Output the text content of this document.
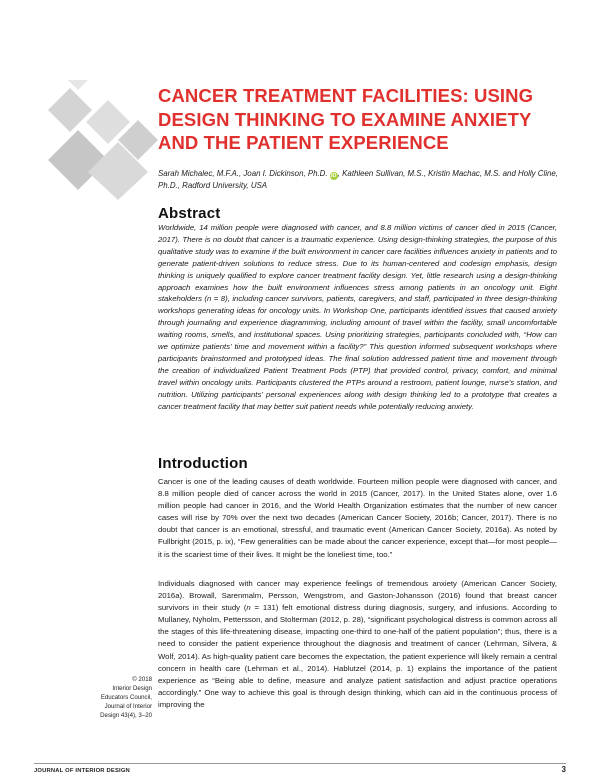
CANCER TREATMENT FACILITIES: USING
DESIGN THINKING TO EXAMINE ANXIETY
AND THE PATIENT EXPERIENCE
Sarah Michalec, M.F.A., Joan I. Dickinson, Ph.D. iD, Kathleen Sullivan, M.S., Kristin Machac, M.S. and Holly Cline, Ph.D., Radford University, USA
Abstract
Worldwide, 14 million people were diagnosed with cancer, and 8.8 million victims of cancer died in 2015 (Cancer, 2017). There is no doubt that cancer is a traumatic experience. Using design-thinking strategies, the purpose of this qualitative study was to examine if the built environment in cancer care facilities influences anxiety in patients and to generate patient-driven solutions to reduce stress. Due to its human-centered and codesign emphasis, design thinking is uniquely qualified to explore cancer treatment facility design. Yet, little research using a design-thinking approach examines how the built environment influences stress among patients in an oncology unit. Eight stakeholders (n = 8), including cancer survivors, patients, caregivers, and staff, participated in three design-thinking workshops generating ideas for oncology units. In Workshop One, participants identified issues that caused anxiety through journaling and experience diagramming, including amount of travel within the facility, small uncomfortable waiting rooms, smells, and institutional spaces. Using prioritizing strategies, participants concluded with, “How can we optimize patients’ time and movement within a facility?” This question informed subsequent workshops where participants brainstormed and prototyped ideas. The final solution addressed patient time and movement through the creation of individualized Patient Treatment Pods (PTP) that provided control, privacy, comfort, and minimal travel within oncology units. Participants clustered the PTPs around a restroom, patient lounge, nurse’s station, and nutrition. Utilizing participants’ personal experiences along with design thinking led to a prototype that creates a cancer treatment facility that may better suit patient needs while potentially reducing anxiety.
Introduction
Cancer is one of the leading causes of death worldwide. Fourteen million people were diagnosed with cancer, and 8.8 million people died of cancer across the world in 2015 (Cancer, 2017). In the United States alone, over 1.6 million people had cancer in 2016, and the World Health Organization estimates that the number of new cancer cases will rise by 70% over the next two decades (American Cancer Society, 2016b; Cancer, 2017). There is no doubt that cancer is an emotional, stressful, and traumatic event (American Cancer Society, 2016a). As noted by Fullbright (2015, p. ix), “Few generalities can be made about the cancer experience, except that—for most people—it is the scariest time of their lives. It might be the loneliest time, too.”
Individuals diagnosed with cancer may experience feelings of tremendous anxiety (American Cancer Society, 2016a). Browall, Sarenmalm, Persson, Wengstrom, and Gaston-Johansson (2016) found that breast cancer survivors in their study (n = 131) felt emotional distress during diagnosis, surgery, and infusions. According to Mullaney, Nyholm, Pettersson, and Stolterman (2012, p. 28), “significant psychological distress is common across all the stages of this life-threatening disease, impacting one-third to one-half of the patient population”; thus, there is a need to consider the patient experience throughout the diagnosis and treatment of cancer (Lehrman, Silvera, & Wolf, 2014). As high-quality patient care becomes the expectation, the patient experience will likely remain a central concern in health care (Lehrman et al., 2014). Hablutzel (2014, p. 1) explains the importance of the patient experience as “Being able to define, measure and analyze patient satisfaction and adjust practice operations accordingly.” One way to achieve this goal is through design thinking, which can aid in the continuous process of improving the
© 2018
Interior Design
Educators Council,
Journal of Interior
Design 43(4), 3–20
JOURNAL OF INTERIOR DESIGN	3
